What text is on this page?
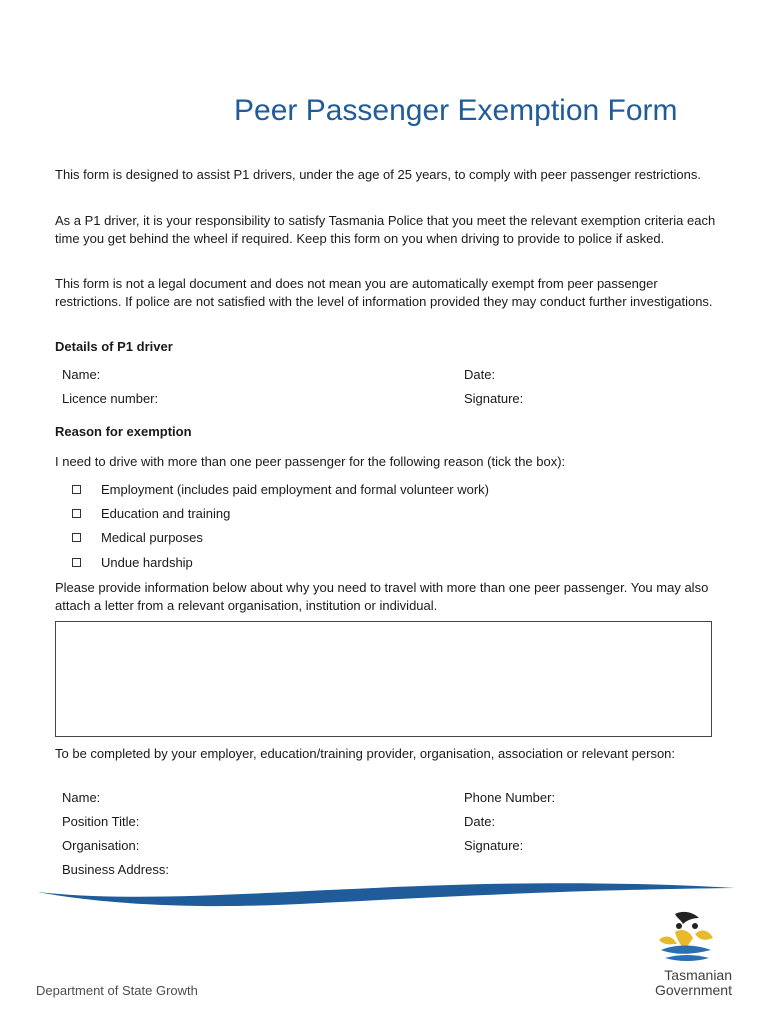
Peer Passenger Exemption Form

This form is designed to assist P1 drivers, under the age of 25 years, to comply with peer passenger restrictions.

As a P1 driver, it is your responsibility to satisfy Tasmania Police that you meet the relevant exemption criteria each time you get behind the wheel if required. Keep this form on you when driving to provide to police if asked.

This form is not a legal document and does not mean you are automatically exempt from peer passenger restrictions. If police are not satisfied with the level of information provided they may conduct further investigations.

Details of P1 driver
Name:	Date:
Licence number:	Signature:
Reason for exemption
I need to drive with more than one peer passenger for the following reason (tick the box):
Employment (includes paid employment and formal volunteer work)
Education and training
Medical purposes
Undue hardship

Please provide information below about why you need to travel with more than one peer passenger. You may also attach a letter from a relevant organisation, institution or individual.

To be completed by your employer, education/training provider, organisation, association or relevant person:

Name:	Phone Number:
Position Title:	Date:
Organisation:	Signature:
Business Address:
Department of State Growth
Tasmanian
Government
